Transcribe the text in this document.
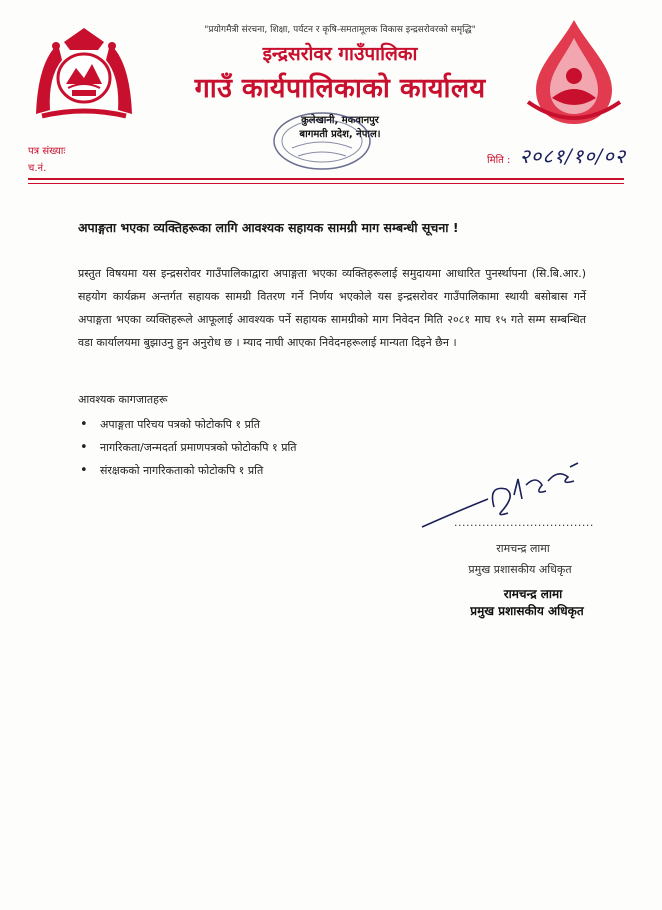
"प्रयोगमैत्री संरचना, शिक्षा, पर्यटन र कृषि-समतामूलक विकास इन्द्रसरोवरको समृद्धि"
इन्द्रसरोवर गाउँपालिका
गाउँ कार्यपालिकाको कार्यालय
कुलेखानी, मकवानपुर
बागमती प्रदेश, नेपाल।
पत्र संख्याः
च.नं.
मिति : २०८१/१०/०२
अपाङ्गता भएका व्यक्तिहरूका लागि आवश्यक सहायक सामग्री माग सम्बन्धी सूचना !
प्रस्तुत विषयमा यस इन्द्रसरोवर गाउँपालिकाद्वारा अपाङ्गता भएका व्यक्तिहरूलाई समुदायमा आधारित पुनर्स्थापना (सि.बि.आर.) सहयोग कार्यक्रम अन्तर्गत सहायक सामग्री वितरण गर्ने निर्णय भएकोले यस इन्द्रसरोवर गाउँपालिकामा स्थायी बसोबास गर्ने अपाङ्गता भएका व्यक्तिहरूले आफूलाई आवश्यक पर्ने सहायक सामग्रीको माग निवेदन मिति २०८१ माघ १५ गते सम्म सम्बन्धित वडा कार्यालयमा बुझाउनु हुन अनुरोध छ । म्याद नाघी आएका निवेदनहरूलाई मान्यता दिइने छैन ।
आवश्यक कागजातहरू
• अपाङ्गता परिचय पत्रको फोटोकपि १ प्रति
• नागरिकता/जन्मदर्ता प्रमाणपत्रको फोटोकपि १ प्रति
• संरक्षकको नागरिकताको फोटोकपि १ प्रति
...................................
रामचन्द्र लामा
प्रमुख प्रशासकीय अधिकृत
रामचन्द्र लामा
प्रमुख प्रशासकीय अधिकृत
